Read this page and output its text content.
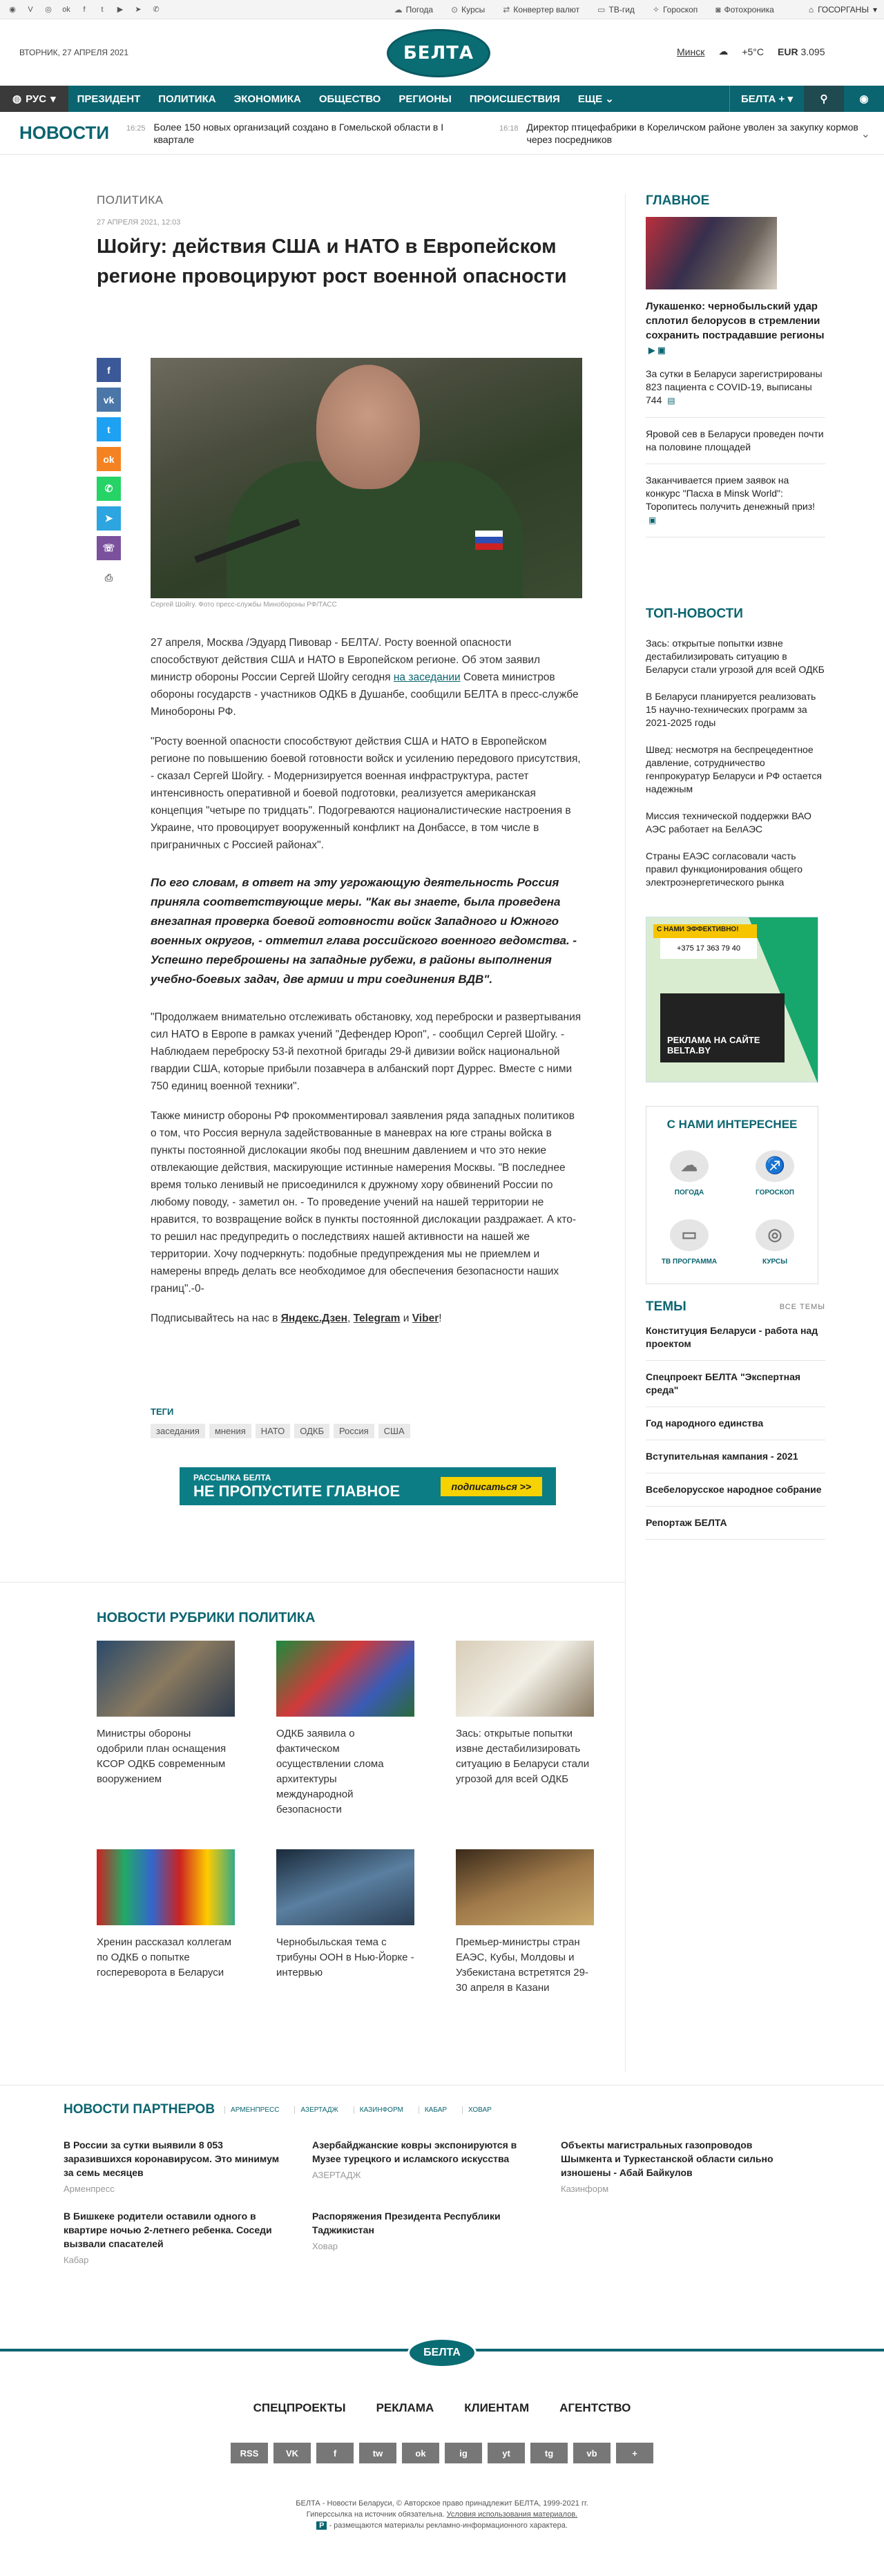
◉	V	◎ ok	f	t	▶	➤	✆	☁ Погода ⊙ Курсы ⇄ Конвертер валют ▭ ТВ-гид ✧ Гороскоп ◙ Фотохроника	⌂ ГОСОРГАНЫ ▾
ВТОРНИК, 27 АПРЕЛЯ 2021	БЕЛТА	Минск ☁ +5°C EUR 3.095
◍ РУС ▾	ПРЕЗИДЕНТ	ПОЛИТИКА	ЭКОНОМИКА	ОБЩЕСТВО	РЕГИОНЫ	ПРОИСШЕСТВИЯ	ЕЩЕ ⌄	БЕЛТА +
▾	⚲	◉
НОВОСТИ	16:25 Более 150 новых организаций создано в Гомельской области в I квартале
16:18 Директор птицефабрики в Кореличском районе уволен за закупку кормов через посредников	⌄
ПОЛИТИКА
27 АПРЕЛЯ 2021, 12:03
Шойгу: действия США и НАТО в Европейском регионе провоцируют рост военной опасности
f
vk
t
ok
✆
➤
☏
⎙
Сергей Шойгу. Фото пресс-службы Минобороны РФ/ТАСС

27 апреля, Москва /Эдуард Пивовар - БЕЛТА/. Росту военной опасности способствуют действия США и НАТО в Европейском регионе. Об этом заявил министр обороны России Сергей Шойгу сегодня на заседании Совета министров обороны государств - участников ОДКБ в Душанбе, сообщили БЕЛТА в пресс-службе Минобороны РФ.

"Росту военной опасности способствуют действия США и НАТО в Европейском регионе по повышению боевой готовности войск и усилению передового присутствия, - сказал Сергей Шойгу. - Модернизируется военная инфраструктура, растет интенсивность оперативной и боевой подготовки, реализуется американская концепция "четыре по тридцать". Подогреваются националистические настроения в Украине, что провоцирует вооруженный конфликт на Донбассе, в том числе в приграничных с Россией районах".

По его словам, в ответ на эту угрожающую деятельность Россия приняла соответствующие меры. "Как вы знаете, была проведена внезапная проверка боевой готовности войск Западного и Южного военных округов, - отметил глава российского военного ведомства. - Успешно переброшены на западные рубежи, в районы выполнения учебно-боевых задач, две армии и три соединения ВДВ".

"Продолжаем внимательно отслеживать обстановку, ход переброски и развертывания сил НАТО в Европе в рамках учений "Дефендер Юроп", - сообщил Сергей Шойгу. - Наблюдаем переброску 53-й пехотной бригады 29-й дивизии войск национальной гвардии США, которые прибыли позавчера в албанский порт Дуррес. Вместе с ними 750 единиц военной техники".

Также министр обороны РФ прокомментировал заявления ряда западных политиков о том, что Россия вернула задействованные в маневрах на юге страны войска в пункты постоянной дислокации якобы под внешним давлением и что это некие отвлекающие действия, маскирующие истинные намерения Москвы. "В последнее время только ленивый не присоединился к дружному хору обвинений России по любому поводу, - заметил он. - То проведение учений на нашей территории не нравится, то возвращение войск в пункты постоянной дислокации раздражает. А кто-то решил нас предупредить о последствиях нашей активности на нашей же территории. Хочу подчеркнуть: подобные предупреждения мы не приемлем и намерены впредь делать все необходимое для обеспечения безопасности наших границ".-0-

Подписывайтесь на нас в Яндекс.Дзен, Telegram и Viber!

ТЕГИ
заседания	мнения	НАТО	ОДКБ	Россия	США
РАССЫЛКА БЕЛТА
НЕ ПРОПУСТИТЕ ГЛАВНОЕ	подписаться >>
ГЛАВНОЕ
Лукашенко: чернобыльский удар сплотил белорусов в стремлении сохранить пострадавшие регионы ▶ ▣
За сутки в Беларуси зарегистрированы 823 пациента с COVID-19, выписаны 744 ▤
Яровой сев в Беларуси проведен почти на половине площадей
Заканчивается прием заявок на конкурс "Пасха в Minsk World": Торопитесь получить денежный приз! ▣
ТОП-НОВОСТИ
Зась: открытые попытки извне дестабилизировать ситуацию в Беларуси стали угрозой для всей ОДКБ
В Беларуси планируется реализовать 15 научно-технических программ за 2021-2025 годы
Швед: несмотря на беспрецедентное давление, сотрудничество генпрокуратур Беларуси и РФ остается надежным
Миссия технической поддержки ВАО АЭС работает на БелАЭС
Страны ЕАЭС согласовали часть правил функционирования общего электроэнергетического рынка
С НАМИ ЭФФЕКТИВНО!
+375 17 363 79 40
РЕКЛАМА НА САЙТЕ BELTA.BY
С НАМИ ИНТЕРЕСНЕЕ
☁
ПОГОДА
♐
ГОРОСКОП
▭
ТВ ПРОГРАММА
◎
КУРСЫ
ТЕМЫ	ВСЕ ТЕМЫ
Конституция Беларуси - работа над проектом
Спецпроект БЕЛТА "Экспертная среда"
Год народного единства
Вступительная кампания - 2021
Всебелорусское народное собрание
Репортаж БЕЛТА
НОВОСТИ РУБРИКИ ПОЛИТИКА
Министры обороны одобрили план оснащения КСОР ОДКБ современным вооружением
ОДКБ заявила о фактическом осуществлении слома архитектуры международной безопасности
Зась: открытые попытки извне дестабилизировать ситуацию в Беларуси стали угрозой для всей ОДКБ
Хренин рассказал коллегам по ОДКБ о попытке госпереворота в Беларуси
Чернобыльская тема с трибуны ООН в Нью-Йорке - интервью
Премьер-министры стран ЕАЭС, Кубы, Молдовы и Узбекистана встретятся 29-30 апреля в Казани
НОВОСТИ ПАРТНЕРОВ	АРМЕНПРЕСС	АЗЕРТАДЖ	КАЗИНФОРМ	КАБАР	ХОВАР
В России за сутки выявили 8 053 заразившихся коронавирусом. Это минимум за семь месяцев
Арменпресс
Азербайджанские ковры экспонируются в Музее турецкого и исламского искусства
АЗЕРТАДЖ
Объекты магистральных газопроводов Шымкента и Туркестанской области сильно изношены - Абай Байкулов
Казинформ
В Бишкеке родители оставили одного в квартире ночью 2-летнего ребенка. Соседи вызвали спасателей
Кабар
Распоряжения Президента Республики Таджикистан
Ховар
БЕЛТА
СПЕЦПРОЕКТЫ	РЕКЛАМА	КЛИЕНТАМ	АГЕНТСТВО
RSS	VK	f	tw	ok	ig	yt	tg	vb	+
БЕЛТА - Новости Беларуси, © Авторское право принадлежит БЕЛТА, 1999-2021 гг.
Гиперссылка на источник обязательна. Условия использования материалов.
P - размещаются материалы рекламно-информационного характера.
